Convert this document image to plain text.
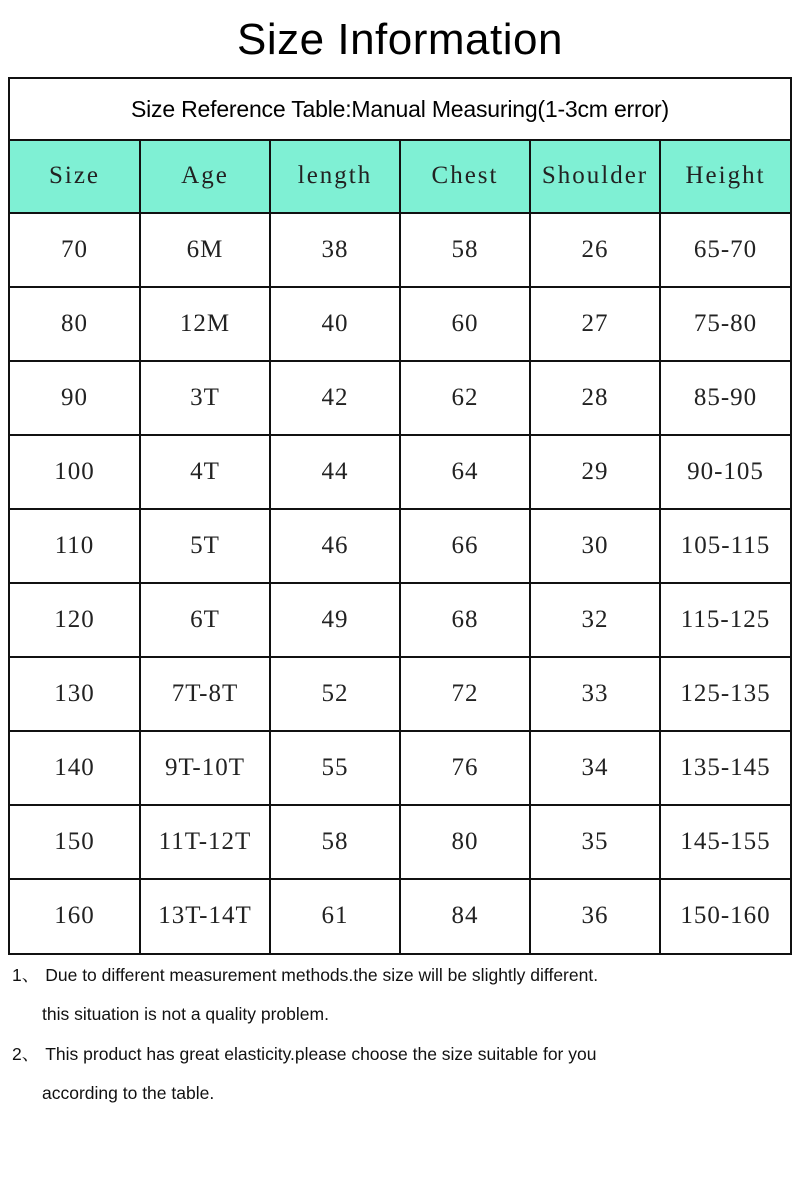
Size Information
Size Reference Table:Manual Measuring(1-3cm error)
Size	Age	length	Chest	Shoulder	Height
70	6M	38	58	26	65-70
80	12M	40	60	27	75-80
90	3T	42	62	28	85-90
100	4T	44	64	29	90-105
110	5T	46	66	30	105-115
120	6T	49	68	32	115-125
130	7T-8T	52	72	33	125-135
140	9T-10T	55	76	34	135-145
150	11T-12T	58	80	35	145-155
160	13T-14T	61	84	36	150-160
1、 Due to different measurement methods.the size will be slightly different.
this situation is not a quality problem.
2、 This product has great elasticity.please choose the size suitable for you
according to the table.
